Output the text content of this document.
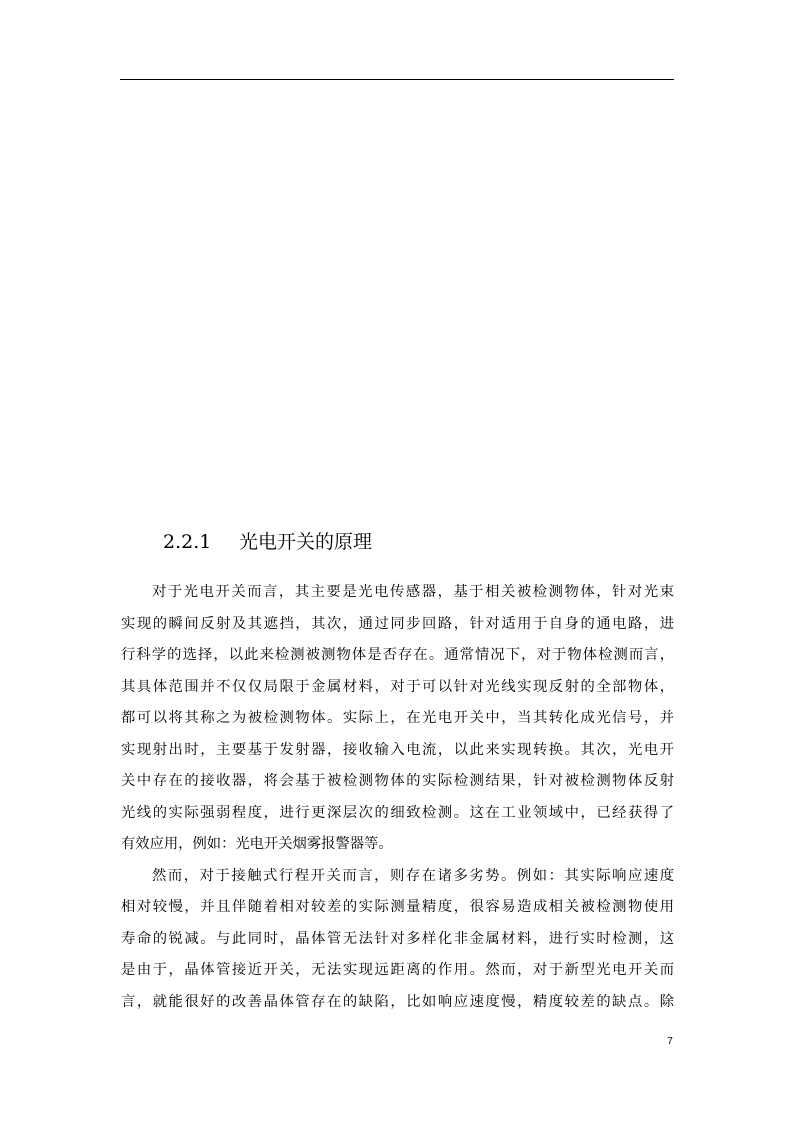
2.2.1 光电开关的原理
对于光电开关而言，其主要是光电传感器，基于相关被检测物体，针对光束
实现的瞬间反射及其遮挡，其次，通过同步回路，针对适用于自身的通电路，进
行科学的选择，以此来检测被测物体是否存在。通常情况下，对于物体检测而言，
其具体范围并不仅仅局限于金属材料，对于可以针对光线实现反射的全部物体，
都可以将其称之为被检测物体。实际上，在光电开关中，当其转化成光信号，并
实现射出时，主要基于发射器，接收输入电流，以此来实现转换。其次，光电开
关中存在的接收器，将会基于被检测物体的实际检测结果，针对被检测物体反射
光线的实际强弱程度，进行更深层次的细致检测。这在工业领域中，已经获得了
有效应用，例如：光电开关烟雾报警器等。
然而，对于接触式行程开关而言，则存在诸多劣势。例如：其实际响应速度
相对较慢，并且伴随着相对较差的实际测量精度，很容易造成相关被检测物使用
寿命的锐减。与此同时，晶体管无法针对多样化非金属材料，进行实时检测，这
是由于，晶体管接近开关，无法实现远距离的作用。然而，对于新型光电开关而
言，就能很好的改善晶体管存在的缺陷，比如响应速度慢，精度较差的缺点。除
7
